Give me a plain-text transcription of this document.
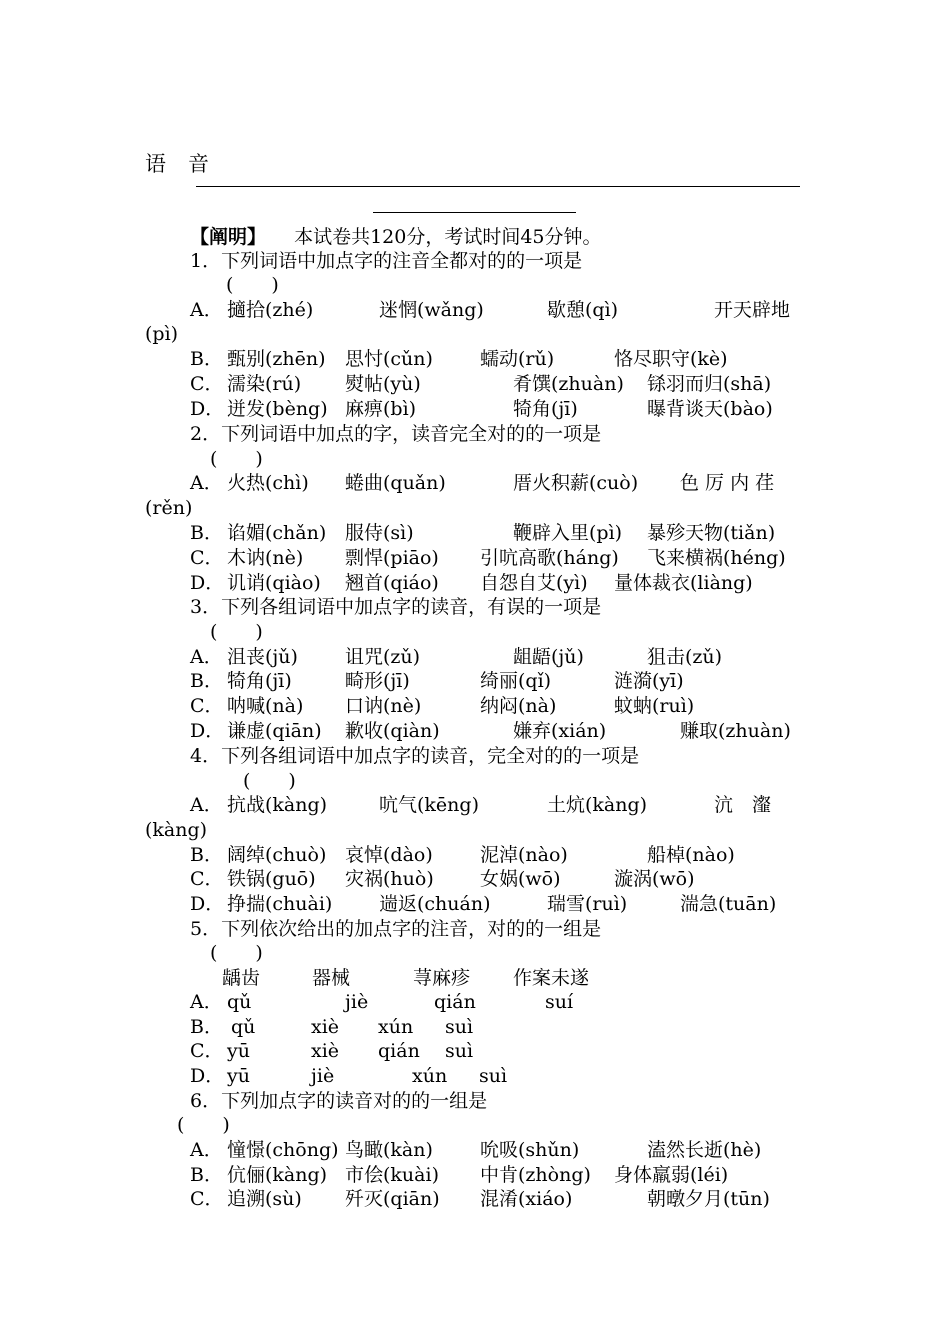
语音
【阐明】 本试卷共120分，考试时间45分钟。
1．下列词语中加点字的注音全都对的的一项是
(　　)
A． 擿拾(zhé)	迷惘(wǎng)	歇憩(qì)	开天辟地
(pì)
B． 甄别(zhēn) 思忖(cǔn) 蠕动(rǔ)	恪尽职守(kè)
C． 濡染(rú) 熨帖(yù)	肴馔(zhuàn) 铩羽而归(shā)
D． 迸发(bèng) 麻痹(bì)	犄角(jī)	曝背谈天(bào)
2．下列词语中加点的字，读音完全对的的一项是
(　　)
A． 火热(chì) 蜷曲(quǎn)	厝火积薪(cuò) 色 厉 内 荏
(rěn)
B． 谄媚(chǎn) 服侍(sì)	鞭辟入里(pì) 暴殄天物(tiǎn)
C． 木讷(nè) 剽悍(piāo) 引吭高歌(háng) 飞来横祸(héng)
D． 讥诮(qiào) 翘首(qiáo) 自怨自艾(yì) 量体裁衣(liàng)
3．下列各组词语中加点字的读音，有误的一项是
(　　)
A． 沮丧(jǔ) 诅咒(zǔ)	龃龉(jǔ)	狙击(zǔ)
B． 犄角(jī)	畸形(jī)	绮丽(qǐ)	涟漪(yī)
C． 呐喊(nà) 口讷(nè)	纳闷(nà)	蚊蚋(ruì)
D． 谦虚(qiān) 歉收(qiàn)	嫌弃(xián)	赚取(zhuàn)
4．下列各组词语中加点字的读音，完全对的的一项是
(　　)
A． 抗战(kàng)	吭气(kēng)	土炕(kàng)	沆　瀣
(kàng)
B． 阔绰(chuò) 哀悼(dào) 泥淖(nào)	船棹(nào)
C． 铁锅(guō) 灾祸(huò) 女娲(wō)	漩涡(wō)
D． 挣揣(chuài) 遄返(chuán)	瑞雪(ruì)	湍急(tuān)
5．下列依次给出的加点字的注音，对的的一组是
(　　)
龋齿	器械	荨麻疹 作案未遂
A． qǔ	jiè	qián	suí
B． qǔ	xiè xún suì
C． yū	xiè qián suì
D． yū	jiè	xún suì
6．下列加点字的读音对的的一组是
(　　)
A． 憧憬(chōng) 鸟瞰(kàn) 吮吸(shǔn)	溘然长逝(hè)
B． 伉俪(kàng) 市侩(kuài) 中肯(zhòng) 身体羸弱(léi)
C． 追溯(sù) 歼灭(qiān) 混淆(xiáo)	朝暾夕月(tūn)
